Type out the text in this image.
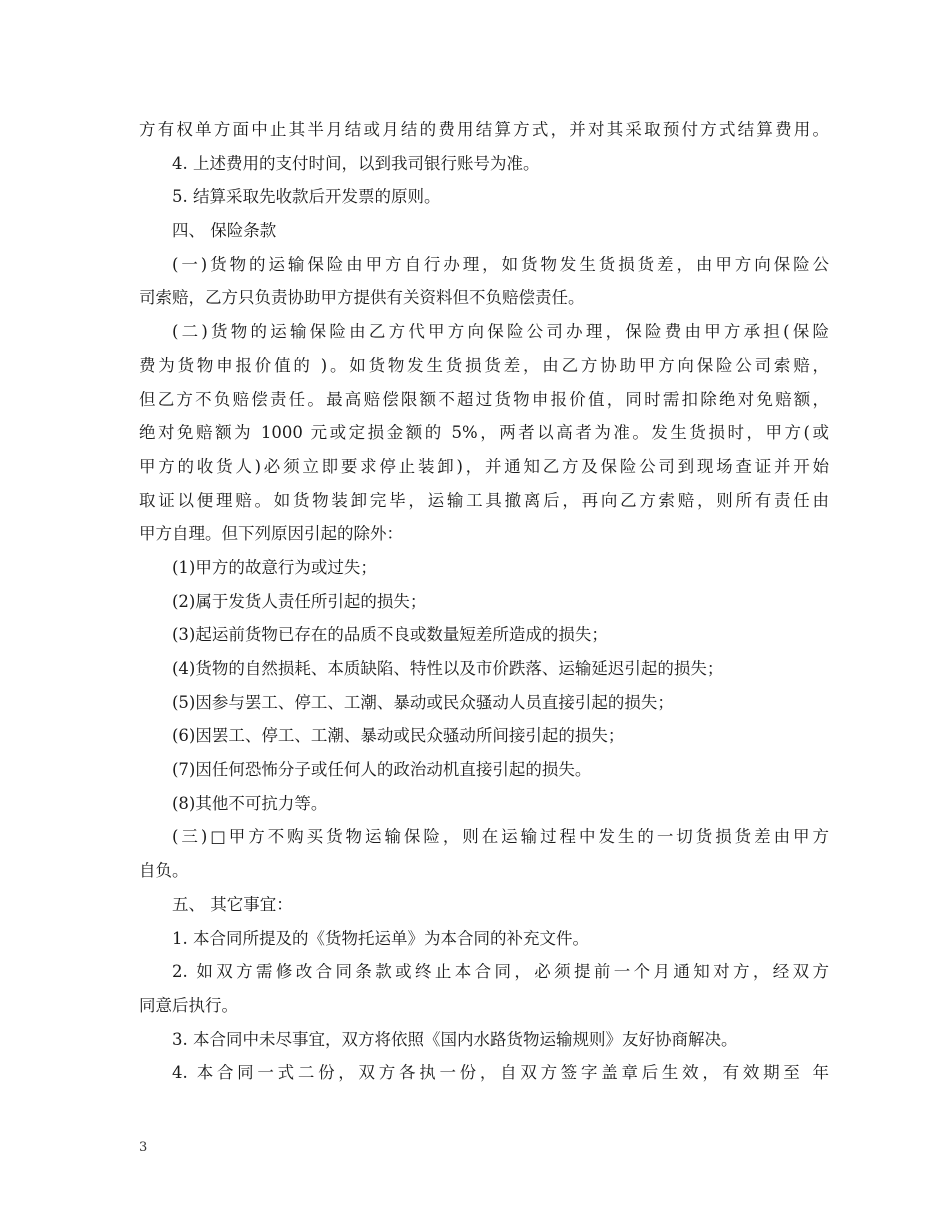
方有权单方面中止其半月结或月结的费用结算方式，并对其采取预付方式结算费用。
4. 上述费用的支付时间，以到我司银行账号为准。
5. 结算采取先收款后开发票的原则。
四、 保险条款
(一)货物的运输保险由甲方自行办理，如货物发生货损货差，由甲方向保险公
司索赔，乙方只负责协助甲方提供有关资料但不负赔偿责任。
(二)货物的运输保险由乙方代甲方向保险公司办理，保险费由甲方承担(保险
费为货物申报价值的 )。如货物发生货损货差，由乙方协助甲方向保险公司索赔，
但乙方不负赔偿责任。最高赔偿限额不超过货物申报价值，同时需扣除绝对免赔额，
绝对免赔额为 1000 元或定损金额的 5%，两者以高者为准。发生货损时，甲方(或
甲方的收货人)必须立即要求停止装卸)，并通知乙方及保险公司到现场查证并开始
取证以便理赔。如货物装卸完毕，运输工具撤离后，再向乙方索赔，则所有责任由
甲方自理。但下列原因引起的除外：
(1)甲方的故意行为或过失；
(2)属于发货人责任所引起的损失；
(3)起运前货物已存在的品质不良或数量短差所造成的损失；
(4)货物的自然损耗、本质缺陷、特性以及市价跌落、运输延迟引起的损失；
(5)因参与罢工、停工、工潮、暴动或民众骚动人员直接引起的损失；
(6)因罢工、停工、工潮、暴动或民众骚动所间接引起的损失；
(7)因任何恐怖分子或任何人的政治动机直接引起的损失。
(8)其他不可抗力等。
(三)□甲方不购买货物运输保险，则在运输过程中发生的一切货损货差由甲方
自负。
五、 其它事宜：
1. 本合同所提及的《货物托运单》为本合同的补充文件。
2. 如双方需修改合同条款或终止本合同，必须提前一个月通知对方，经双方
同意后执行。
3. 本合同中未尽事宜，双方将依照《国内水路货物运输规则》友好协商解决。
4. 本合同一式二份，双方各执一份，自双方签字盖章后生效，有效期至 年
3
